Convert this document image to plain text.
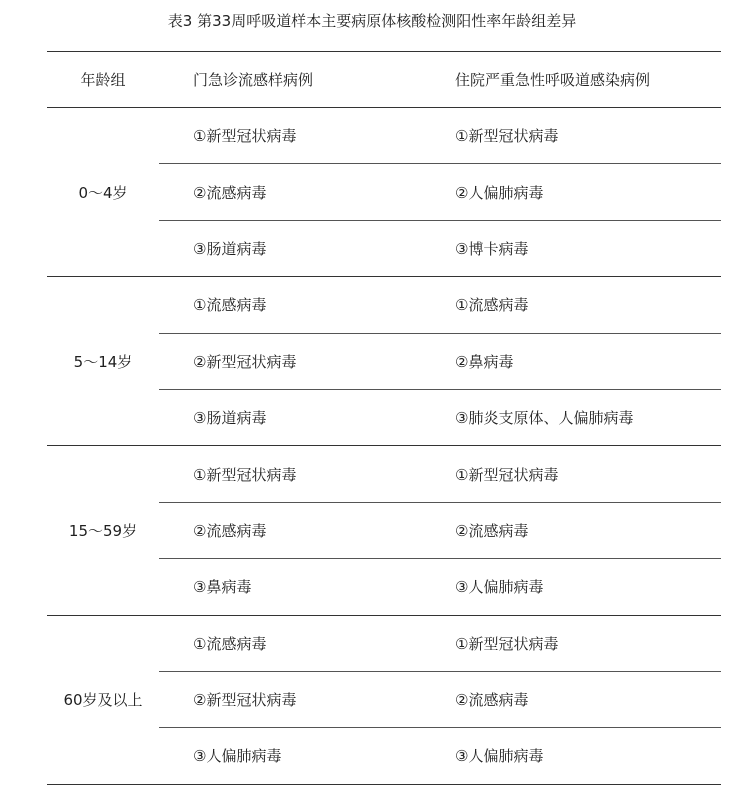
表3 第33周呼吸道样本主要病原体核酸检测阳性率年龄组差异
年龄组	门急诊流感样病例	住院严重急性呼吸道感染病例
0～4岁	①新型冠状病毒	①新型冠状病毒
	②流感病毒	②人偏肺病毒
	③肠道病毒	③博卡病毒
5～14岁	①流感病毒	①流感病毒
	②新型冠状病毒	②鼻病毒
	③肠道病毒	③肺炎支原体、人偏肺病毒
15～59岁	①新型冠状病毒	①新型冠状病毒
	②流感病毒	②流感病毒
	③鼻病毒	③人偏肺病毒
60岁及以上	①流感病毒	①新型冠状病毒
	②新型冠状病毒	②流感病毒
	③人偏肺病毒	③人偏肺病毒
